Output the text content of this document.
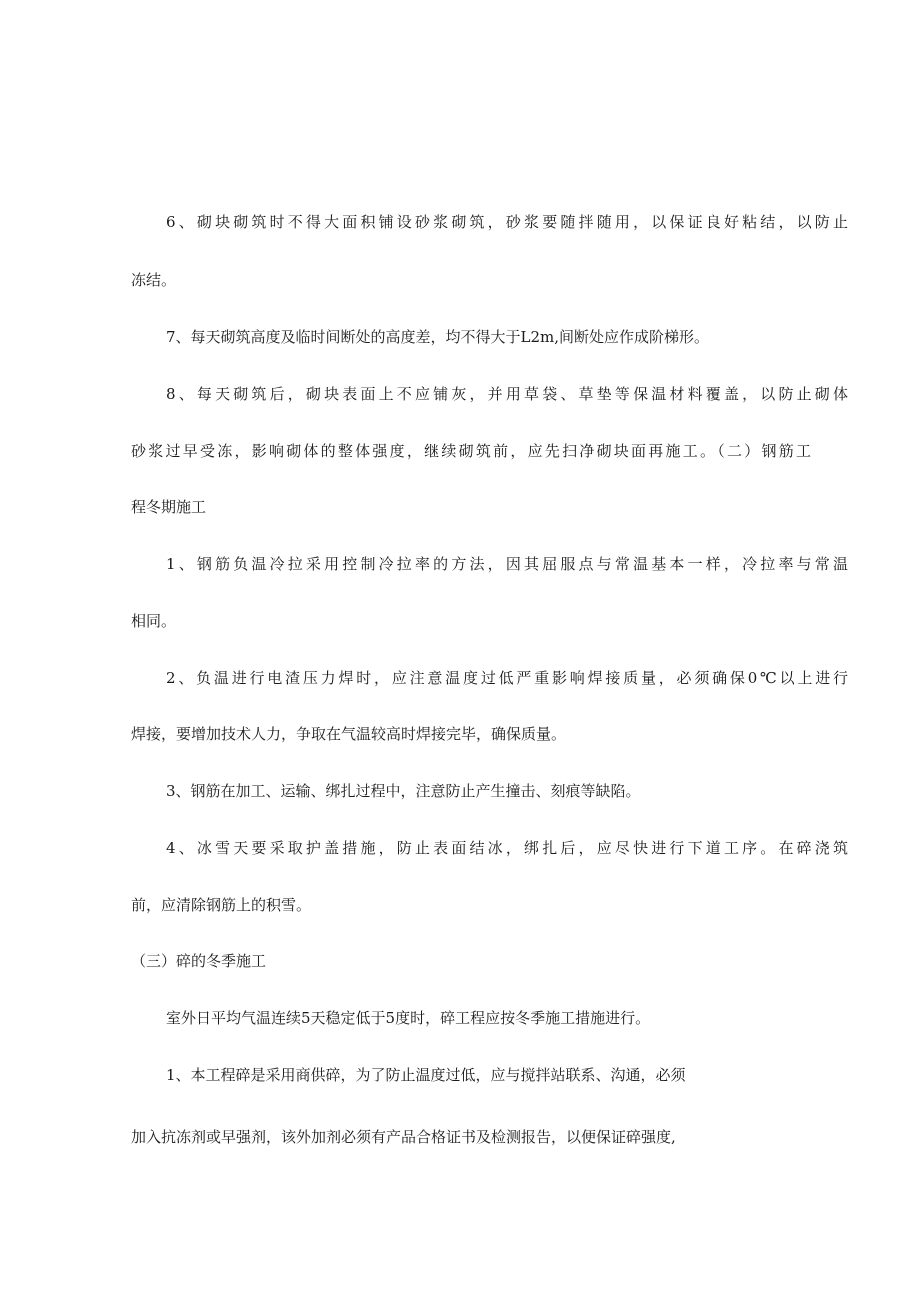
6、砌块砌筑时不得大面积铺设砂浆砌筑，砂浆要随拌随用，以保证良好粘结，以防止
冻结。
7、每天砌筑高度及临时间断处的高度差，均不得大于L2m,间断处应作成阶梯形。
8、每天砌筑后，砌块表面上不应铺灰，并用草袋、草垫等保温材料覆盖，以防止砌体
砂浆过早受冻，影响砌体的整体强度，继续砌筑前，应先扫净砌块面再施工。（二）钢筋工
程冬期施工
1、钢筋负温冷拉采用控制冷拉率的方法，因其屈服点与常温基本一样，冷拉率与常温
相同。
2、负温进行电渣压力焊时，应注意温度过低严重影响焊接质量，必须确保0℃以上进行
焊接，要增加技术人力，争取在气温较高时焊接完毕，确保质量。
3、钢筋在加工、运输、绑扎过程中，注意防止产生撞击、刻痕等缺陷。
4、冰雪天要采取护盖措施，防止表面结冰，绑扎后，应尽快进行下道工序。在碎浇筑
前，应清除钢筋上的积雪。
（三）碎的冬季施工
室外日平均气温连续5天稳定低于5度时，碎工程应按冬季施工措施进行。
1、本工程碎是采用商供碎，为了防止温度过低，应与搅拌站联系、沟通，必须
加入抗冻剂或早强剂，该外加剂必须有产品合格证书及检测报告，以便保证碎强度,
